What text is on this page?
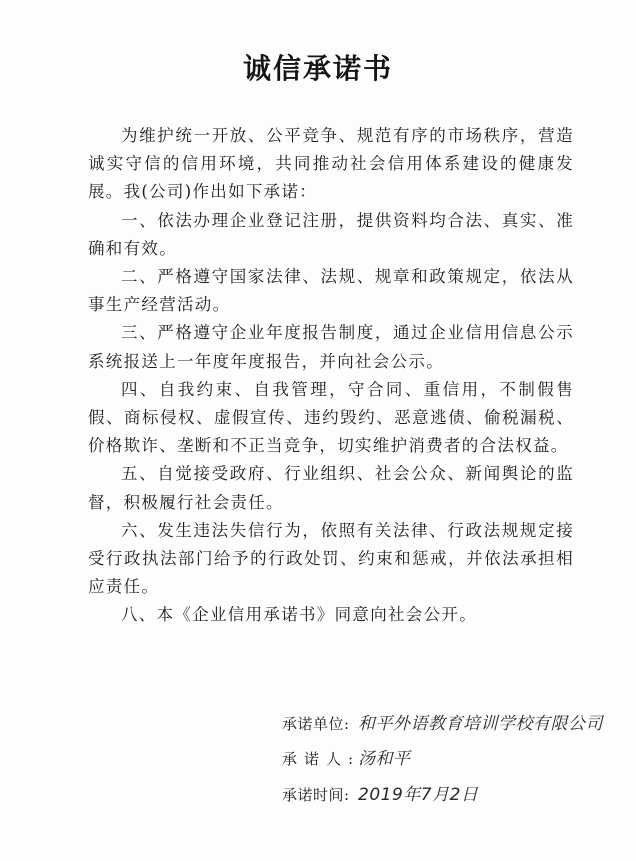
诚信承诺书

为维护统一开放、公平竞争、规范有序的市场秩序，营造诚实守信的信用环境，共同推动社会信用体系建设的健康发展。我(公司)作出如下承诺：

一、依法办理企业登记注册，提供资料均合法、真实、准确和有效。

二、严格遵守国家法律、法规、规章和政策规定，依法从事生产经营活动。

三、严格遵守企业年度报告制度，通过企业信用信息公示系统报送上一年度年度报告，并向社会公示。

四、自我约束、自我管理，守合同、重信用，不制假售假、商标侵权、虚假宣传、违约毁约、恶意逃债、偷税漏税、价格欺诈、垄断和不正当竞争，切实维护消费者的合法权益。

五、自觉接受政府、行业组织、社会公众、新闻舆论的监督，积极履行社会责任。

六、发生违法失信行为，依照有关法律、行政法规规定接受行政执法部门给予的行政处罚、约束和惩戒，并依法承担相应责任。

八、本《企业信用承诺书》同意向社会公开。

承诺单位: 和平外语教育培训学校有限公司
承诺人:汤和平
承诺时间: 2019年7月2日
